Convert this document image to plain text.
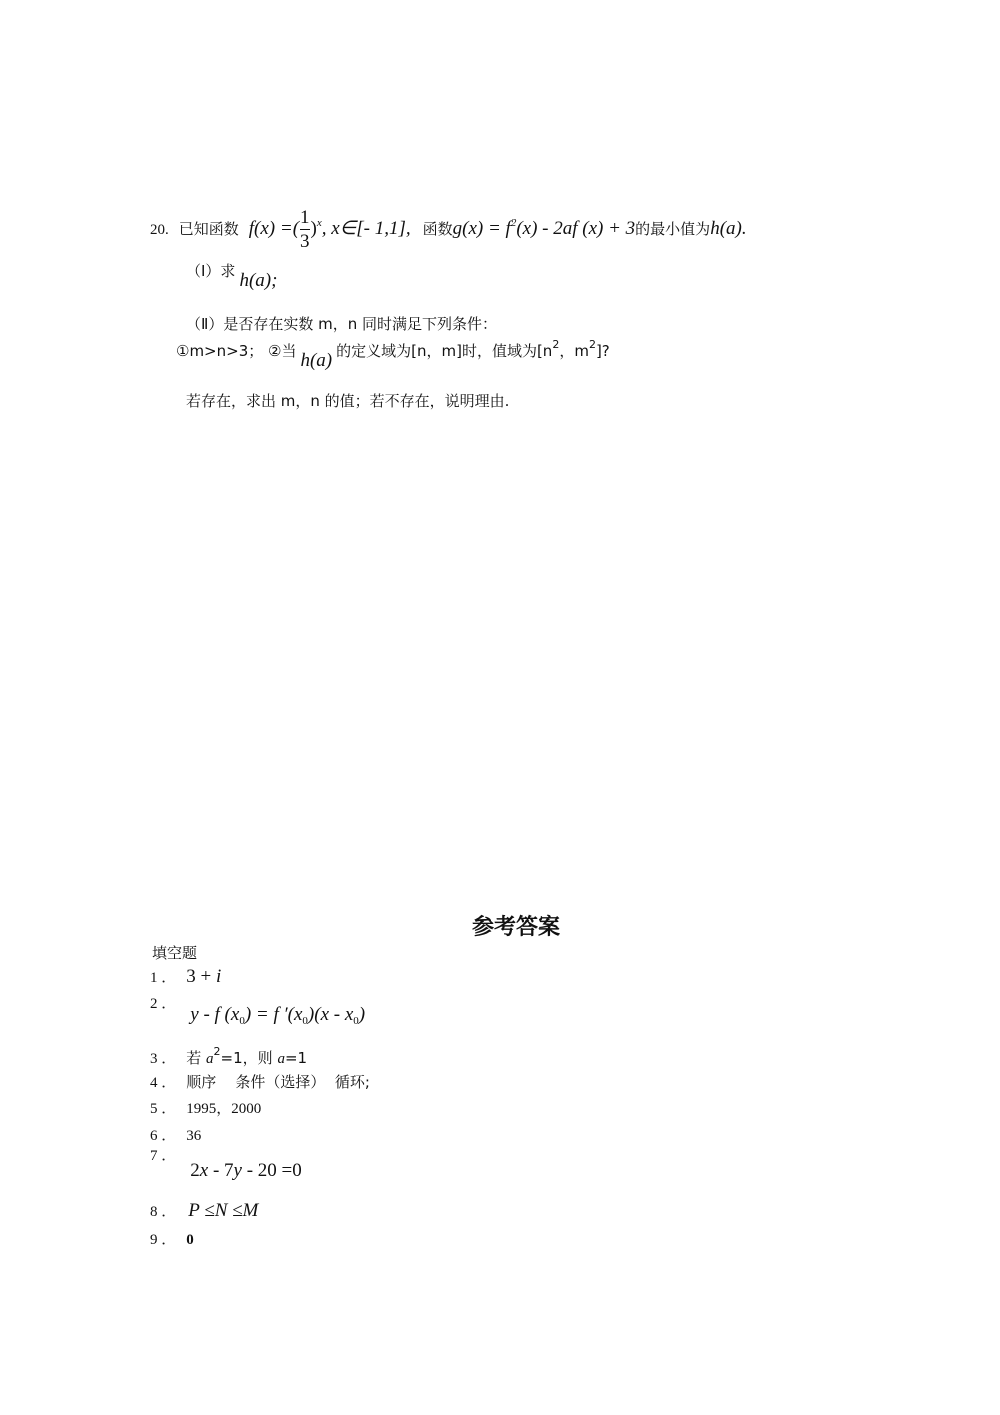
20. 已知函数 f(x) =( $\frac{1}{3} )^x$, x∈[- 1,1], 函数$g(x) = f^2(x) - 2af$ (x) + 3的最小值为h(a).
（Ⅰ）求 h(a);
（Ⅱ）是否存在实数 m，n 同时满足下列条件：
①m>n>3； ②当 h(a) 的定义域为[n，m]时，值域为[$n^2$，$m^2$]?
若存在，求出 m，n 的值；若不存在，说明理由.
参考答案
填空题
1 ． 3 + i
2 ． y - f $(x_0) = f$ $'(x_0)(x - x_0)$
3 ． 若 $a^2=1$，则 a=1
4 ． 顺序    条件（选择）  循环;
5 ． 1995，2000
6 ． 36
7 ． 2x - 7y - 20 =0
8 ． P ≤N ≤M
9 ． 0
